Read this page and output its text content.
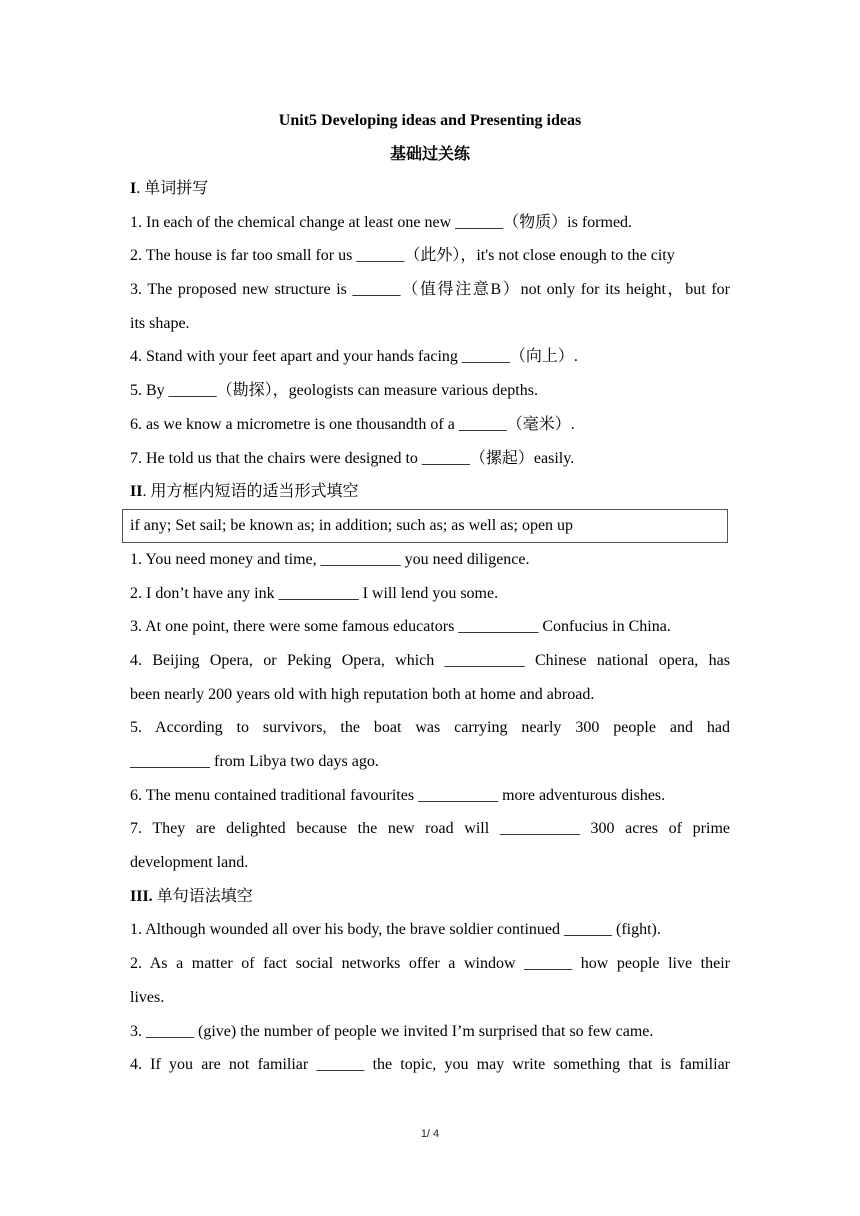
Unit5 Developing ideas and Presenting ideas
基础过关练
I. 单词拼写
1. In each of the chemical change at least one new ______（物质）is formed.
2. The house is far too small for us ______（此外），it's not close enough to the city
3. The proposed new structure is ______（值得注意B）not only for its height，but for
its shape.
4. Stand with your feet apart and your hands facing ______（向上）.
5. By ______（勘探），geologists can measure various depths.
6. as we know a micrometre is one thousandth of a ______（毫米）.
7. He told us that the chairs were designed to ______（摞起）easily.
II. 用方框内短语的适当形式填空
if any; Set sail; be known as; in addition; such as; as well as; open up
1. You need money and time, __________ you need diligence.
2. I don’t have any ink __________ I will lend you some.
3. At one point, there were some famous educators __________ Confucius in China.
4. Beijing Opera, or Peking Opera, which __________ Chinese national opera, has
been nearly 200 years old with high reputation both at home and abroad.
5. According to survivors, the boat was carrying nearly 300 people and had
__________ from Libya two days ago.
6. The menu contained traditional favourites __________ more adventurous dishes.
7. They are delighted because the new road will __________ 300 acres of prime
development land.
III. 单句语法填空
1. Although wounded all over his body, the brave soldier continued ______ (fight).
2. As a matter of fact social networks offer a window ______ how people live their
lives.
3. ______ (give) the number of people we invited I’m surprised that so few came.
4. If you are not familiar ______ the topic, you may write something that is familiar
1/ 4
